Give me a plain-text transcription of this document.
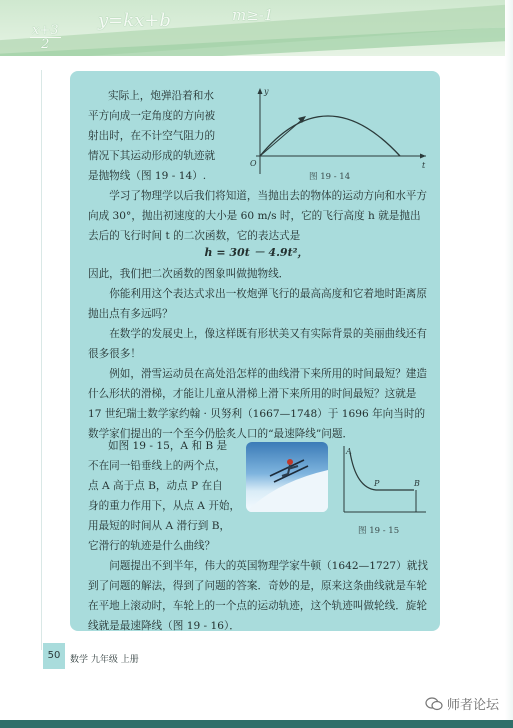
$\frac{x+3}{2}$
y=kx+b	m≥-1
实际上，炮弹沿着和水
平方向成一定角度的方向被
射出时，在不计空气阻力的
情况下其运动形成的轨迹就
是抛物线（图 19 - 14）.
y
t
O
图 19 - 14
学习了物理学以后我们将知道，当抛出去的物体的运动方向和水平方向成 30°，抛出初速度的大小是 60 m/s 时，它的飞行高度 h 就是抛出去后的飞行时间 t 的二次函数，它的表达式是
h = 30t － 4.9t²，
因此，我们把二次函数的图象叫做抛物线．
你能利用这个表达式求出一枚炮弹飞行的最高高度和它着地时距离原抛出点有多远吗？
在数学的发展史上，像这样既有形状美又有实际背景的美丽曲线还有很多很多！
例如，滑雪运动员在高处沿怎样的曲线滑下来所用的时间最短？建造什么形状的滑梯，才能让儿童从滑梯上滑下来所用的时间最短？这就是 17 世纪瑞士数学家约翰 · 贝努利（1667—1748）于 1696 年向当时的数学家们提出的一个至今仍脍炙人口的“最速降线”问题．
如图 19 - 15，A 和 B 是
不在同一铅垂线上的两个点，
点 A 高于点 B，动点 P 在自
身的重力作用下，从点 A 开始，
用最短的时间从 A 滑行到 B，
它滑行的轨迹是什么曲线？
A
P	B
图 19 - 15
问题提出不到半年，伟大的英国物理学家牛顿（1642—1727）就找到了问题的解法，得到了问题的答案．奇妙的是，原来这条曲线就是车轮在平地上滚动时，车轮上的一个点的运动轨迹，这个轨迹叫做轮线．旋轮线就是最速降线（图 19 - 16）．
50	数学 九年级 上册
师者论坛
